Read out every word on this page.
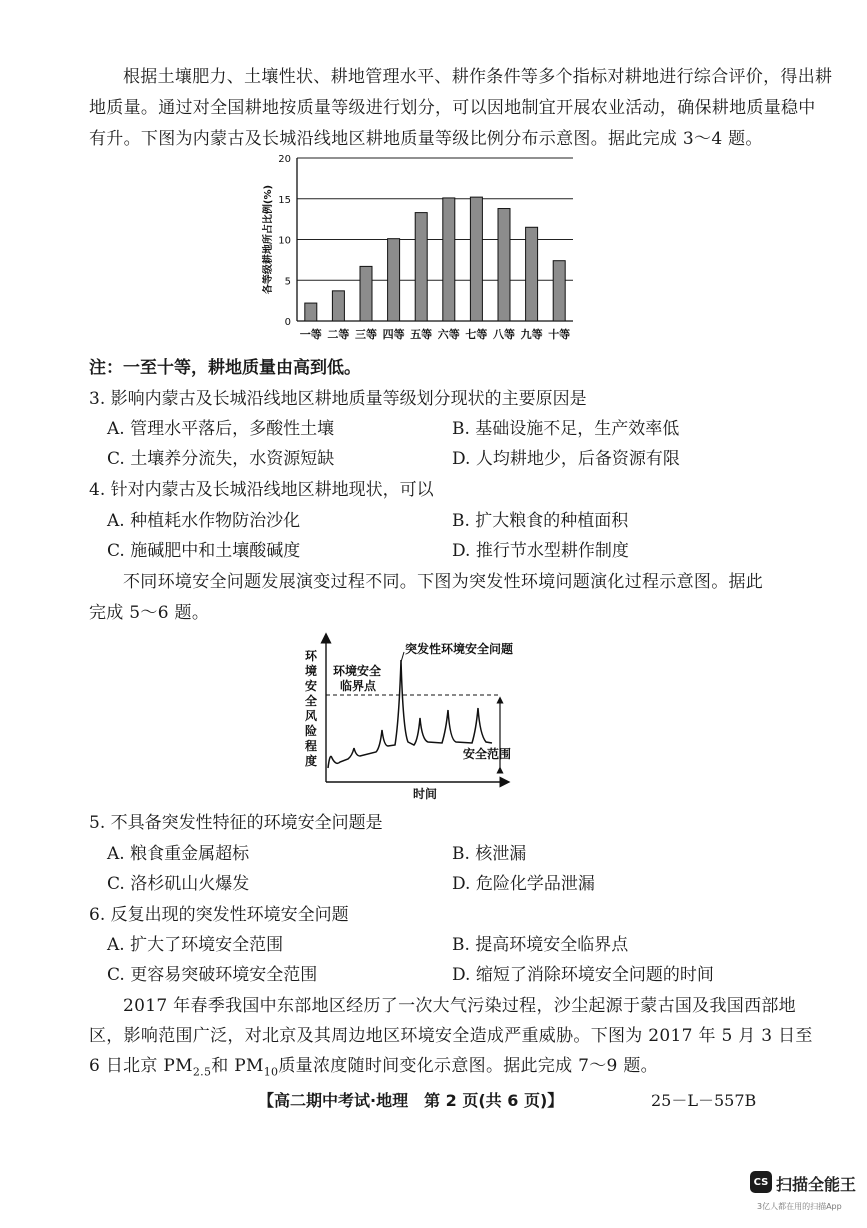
根据土壤肥力、土壤性状、耕地管理水平、耕作条件等多个指标对耕地进行综合评价，得出耕
地质量。通过对全国耕地按质量等级进行划分，可以因地制宜开展农业活动，确保耕地质量稳中
有升。下图为内蒙古及长城沿线地区耕地质量等级比例分布示意图。据此完成 3～4 题。
0
5
10
15
20
一等 二等 三等 四等 五等 六等 七等 八等 九等 十等
各等级耕地所占比例(%)
注：一至十等，耕地质量由高到低。
3. 影响内蒙古及长城沿线地区耕地质量等级划分现状的主要原因是
A. 管理水平落后，多酸性土壤	B. 基础设施不足，生产效率低
C. 土壤养分流失，水资源短缺	D. 人均耕地少，后备资源有限
4. 针对内蒙古及长城沿线地区耕地现状，可以
A. 种植耗水作物防治沙化	B. 扩大粮食的种植面积
C. 施碱肥中和土壤酸碱度	D. 推行节水型耕作制度
不同环境安全问题发展演变过程不同。下图为突发性环境问题演化过程示意图。据此
完成 5～6 题。
环
境
安
全
风
险
程
度
突发性环境安全问题
环境安全
临界点
安全范围
时间
5. 不具备突发性特征的环境安全问题是
A. 粮食重金属超标	B. 核泄漏
C. 洛杉矶山火爆发	D. 危险化学品泄漏
6. 反复出现的突发性环境安全问题
A. 扩大了环境安全范围	B. 提高环境安全临界点
C. 更容易突破环境安全范围	D. 缩短了消除环境安全问题的时间
2017 年春季我国中东部地区经历了一次大气污染过程，沙尘起源于蒙古国及我国西部地
区，影响范围广泛，对北京及其周边地区环境安全造成严重威胁。下图为 2017 年 5 月 3 日至
6 日北京 $PM_{2.5}$和 $PM_{10}$质量浓度随时间变化示意图。据此完成 7～9 题。
【高二期中考试·地理　第 2 页(共 6 页)】	25－L－557B
CS 扫描全能王
3亿人都在用的扫描App
